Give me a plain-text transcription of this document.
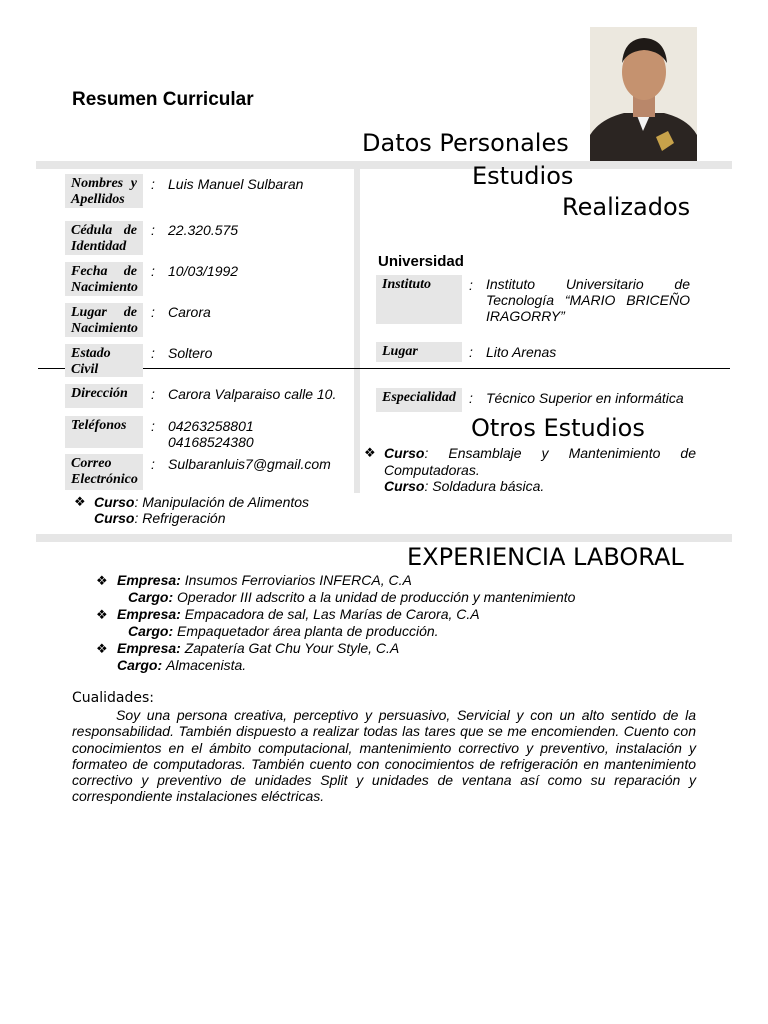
Resumen Curricular
Datos Personales
Nombres y Apellidos
: Luis Manuel Sulbaran
Cédula de Identidad
: 22.320.575
Fecha de Nacimiento
: 10/03/1992
Lugar de Nacimiento
: Carora
Estado Civil
: Soltero
Dirección	: Carora Valparaiso calle 10.
Teléfonos	: 04263258801
04168524380
Correo Electrónico
: Sulbaranluis7@gmail.com
Estudios
Realizados
Universidad
Instituto	: Instituto Universitario de Tecnología “MARIO BRICEÑO IRAGORRY”
Lugar	: Lito Arenas
Especialidad : Técnico Superior en informática
Otros Estudios
❖ Curso: Ensamblaje y Mantenimiento de Computadoras.
Curso: Soldadura básica.
❖ Curso: Manipulación de Alimentos
Curso: Refrigeración
EXPERIENCIA LABORAL
❖ Empresa: Insumos Ferroviarios INFERCA, C.A
Cargo: Operador III adscrito a la unidad de producción y mantenimiento
❖ Empresa: Empacadora de sal, Las Marías de Carora, C.A
Cargo: Empaquetador área planta de producción.
❖ Empresa: Zapatería Gat Chu Your Style, C.A
Cargo: Almacenista.
Cualidades:
Soy una persona creativa, perceptivo y persuasivo, Servicial y con un alto sentido de la responsabilidad. También dispuesto a realizar todas las tares que se me encomienden. Cuento con conocimientos en el ámbito computacional, mantenimiento correctivo y preventivo, instalación y formateo de computadoras. También cuento con conocimientos de refrigeración en mantenimiento correctivo y preventivo de unidades Split y unidades de ventana así como su reparación y correspondiente instalaciones eléctricas.
